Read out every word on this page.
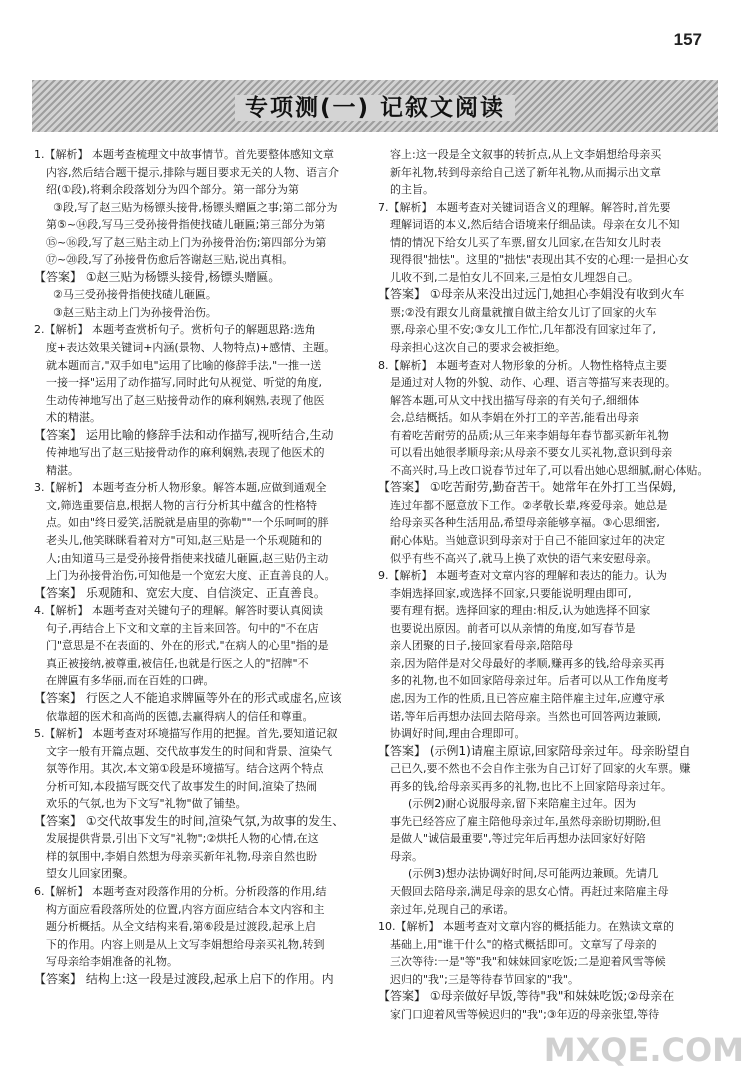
157
专项测(一) 记叙文阅读
1.【解析】 本题考查梳理文中故事情节。首先要整体感知文章
内容,然后结合题干提示,排除与题目要求无关的人物、语言介
绍(①段),将剩余段落划分为四个部分。第一部分为第
③段,写了赵三贴为杨镖头接骨,杨镖头赠匾之事;第二部分为
第⑤~⑭段,写马三受孙接骨指使找碴儿砸匾;第三部分为第
⑮~⑯段,写了赵三贴主动上门为孙接骨治伤;第四部分为第
⑰~⑳段,写了孙接骨伤愈后答谢赵三贴,说出真相。
【答案】 ①赵三贴为杨镖头接骨,杨镖头赠匾。
②马三受孙接骨指使找碴儿砸匾。
③赵三贴主动上门为孙接骨治伤。
2.【解析】 本题考查赏析句子。赏析句子的解题思路:选角
度+表达效果关键词+内涵(景物、人物特点)+感情、主题。
就本题而言,"双手如电"运用了比喻的修辞手法,"一推一送
一接一择"运用了动作描写,同时此句从视觉、听觉的角度,
生动传神地写出了赵三贴接骨动作的麻利娴熟,表现了他医
术的精湛。
【答案】 运用比喻的修辞手法和动作描写,视听结合,生动
传神地写出了赵三贴接骨动作的麻利娴熟,表现了他医术的
精湛。
3.【解析】 本题考查分析人物形象。解答本题,应做到通观全
文,筛选重要信息,根据人物的言行分析其中蕴含的性格特
点。如由"终日爱笑,活脱就是庙里的弥勒""一个乐呵呵的胖
老头儿,他笑眯眯看着对方"可知,赵三贴是一个乐观随和的
人;由知道马三是受孙接骨指使来找碴儿砸匾,赵三贴仍主动
上门为孙接骨治伤,可知他是一个宽宏大度、正直善良的人。
【答案】 乐观随和、宽宏大度、自信淡定、正直善良。
4.【解析】 本题考查对关键句子的理解。解答时要认真阅读
句子,再结合上下文和文章的主旨来回答。句中的"不在店
门"意思是不在表面的、外在的形式,"在病人的心里"指的是
真正被接纳,被尊重,被信任,也就是行医之人的"招牌"不
在牌匾有多华丽,而在百姓的口碑。
【答案】 行医之人不能追求牌匾等外在的形式或虚名,应该
依靠超的医术和高尚的医德,去赢得病人的信任和尊重。
5.【解析】 本题考查对环境描写作用的把握。首先,要知道记叙
文字一般有开篇点题、交代故事发生的时间和背景、渲染气
氛等作用。其次,本文第①段是环境描写。结合这两个特点
分析可知,本段描写既交代了故事发生的时间,渲染了热闹
欢乐的气氛,也为下文写"礼物"做了铺垫。
【答案】 ①交代故事发生的时间,渲染气氛,为故事的发生、
发展提供背景,引出下文写"礼物";②烘托人物的心情,在这
样的氛围中,李娟自然想为母亲买新年礼物,母亲自然也盼
望女儿回家团聚。
6.【解析】 本题考查对段落作用的分析。分析段落的作用,结
构方面应看段落所处的位置,内容方面应结合本文内容和主
题分析概括。从全文结构来看,第⑥段是过渡段,起承上启
下的作用。内容上则是从上文写李娟想给母亲买礼物,转到
写母亲给李娟准备的礼物。
【答案】 结构上:这一段是过渡段,起承上启下的作用。内
容上:这一段是全文叙事的转折点,从上文李娟想给母亲买
新年礼物,转到母亲给自己送了新年礼物,从而揭示出文章
的主旨。
7.【解析】 本题考查对关键词语含义的理解。解答时,首先要
理解词语的本义,然后结合语境来仔细品读。母亲在女儿不知
情的情况下给女儿买了车票,留女儿回家,在告知女儿时表
现得很"拙怯"。这里的"拙怯"表现出其不安的心理:一是担心女
儿收不到,二是怕女儿不回来,三是怕女儿埋怨自己。
【答案】 ①母亲从来没出过远门,她担心李娟没有收到火车
票;②没有跟女儿商量就擅自做主给女儿订了回家的火车
票,母亲心里不安;③女儿工作忙,几年都没有回家过年了,
母亲担心这次自己的要求会被拒绝。
8.【解析】 本题考查对人物形象的分析。人物性格特点主要
是通过对人物的外貌、动作、心理、语言等描写来表现的。
解答本题,可从文中找出描写母亲的有关句子,细细体
会,总结概括。如从李娟在外打工的辛苦,能看出母亲
有着吃苦耐劳的品质;从三年来李娟每年春节都买新年礼物
可以看出她很孝顺母亲;从母亲不要女儿买礼物,意识到母亲
不高兴时,马上改口说春节过年了,可以看出她心思细腻,耐心体贴。
【答案】 ①吃苦耐劳,勤奋苦干。她常年在外打工当保姆,
连过年都不愿意放下工作。②孝敬长辈,疼爱母亲。她总是
给母亲买各种生活用品,希望母亲能够享福。③心思细密,
耐心体贴。当她意识到母亲对于自己不能回家过年的决定
似乎有些不高兴了,就马上换了欢快的语气来安慰母亲。
9.【解析】 本题考查对文章内容的理解和表达的能力。认为
李娟选择回家,或选择不回家,只要能说明理由即可,
要有理有据。选择回家的理由:相反,认为她选择不回家
也要说出原因。前者可以从亲情的角度,如写春节是
亲人团聚的日子,接回家看母亲,陪陪母
亲,因为陪伴是对父母最好的孝顺,赚再多的钱,给母亲买再
多的礼物,也不如回家陪母亲过年。后者可以从工作角度考
虑,因为工作的性质,且已答应雇主陪伴雇主过年,应遵守承
诺,等年后再想办法回去陪母亲。当然也可回答两边兼顾,
协调好时间,理由合理即可。
【答案】 (示例1)请雇主原谅,回家陪母亲过年。母亲盼望自
己已久,要不然也不会自作主张为自己订好了回家的火车票。赚
再多的钱,给母亲买再多的礼物,也比不上回家陪母亲过年。
(示例2)耐心说服母亲,留下来陪雇主过年。因为
事先已经答应了雇主陪他母亲过年,虽然母亲盼切期盼,但
是做人"诚信最重要",等过完年后再想办法回家好好陪
母亲。
(示例3)想办法协调好时间,尽可能两边兼顾。先请几
天假回去陪母亲,满足母亲的思女心情。再赶过来陪雇主母
亲过年,兑现自己的承诺。
10.【解析】 本题考查对文章内容的概括能力。在熟读文章的
基础上,用"谁干什么"的格式概括即可。文章写了母亲的
三次等待:一是"等"我"和妹妹回家吃饭;二是迎着风雪等候
迟归的"我";三是等待春节回家的"我"。
【答案】 ①母亲做好早饭,等待"我"和妹妹吃饭;②母亲在
家门口迎着风雪等候迟归的"我";③年迈的母亲张望,等待
MXQE.COM
